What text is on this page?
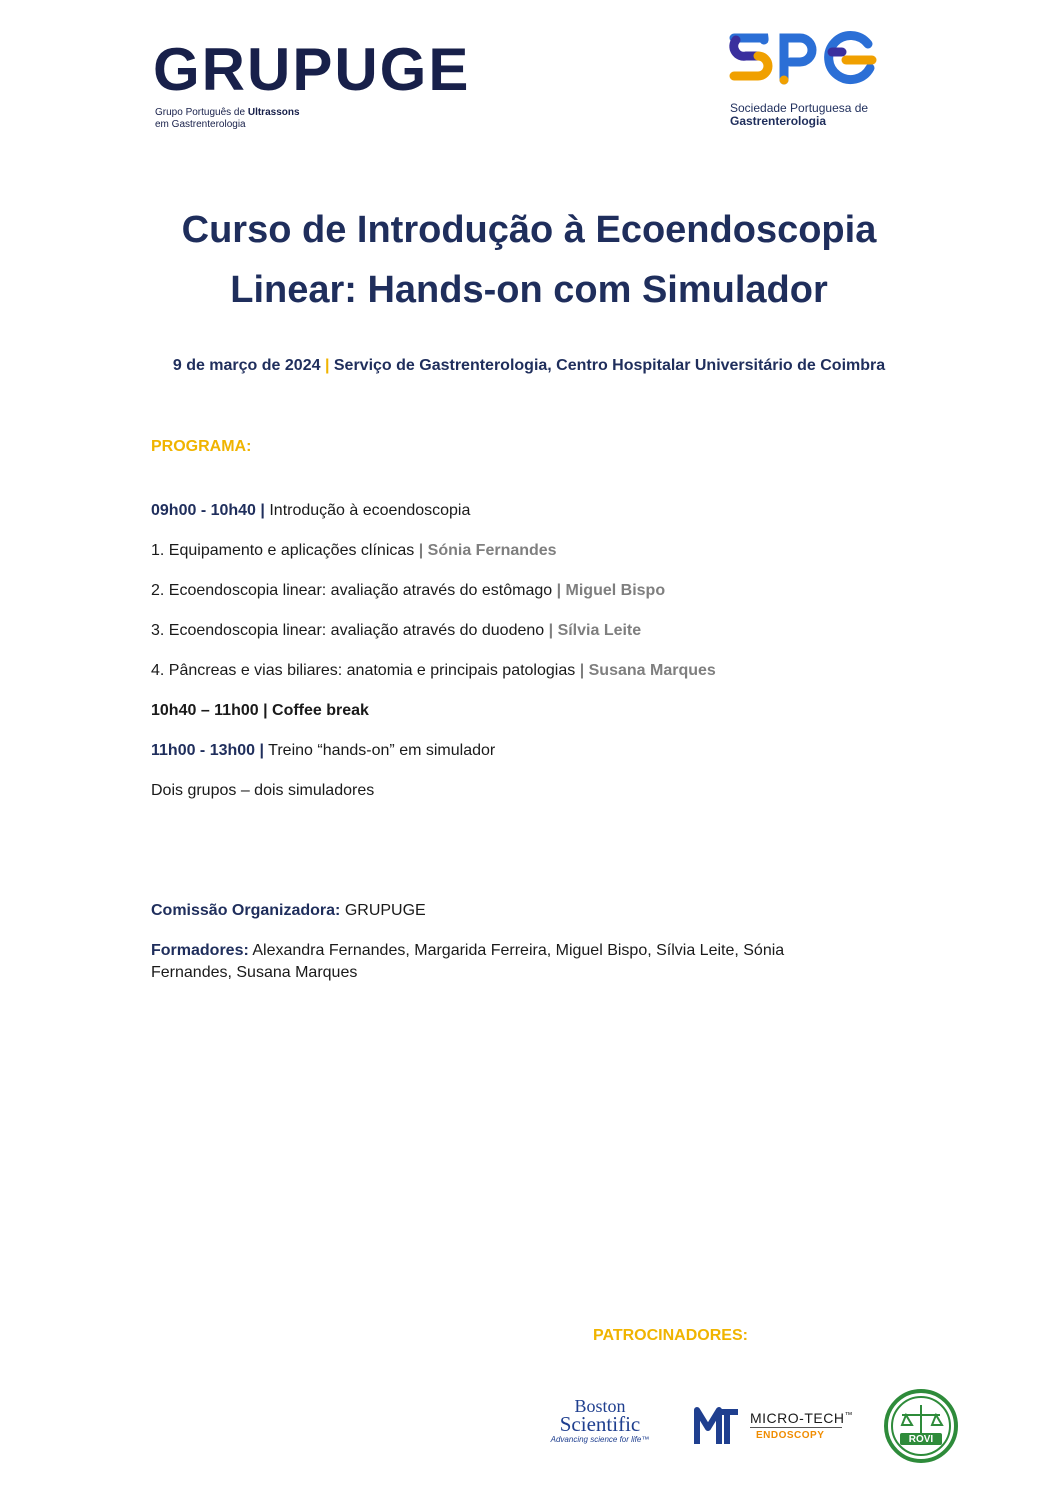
GRUPUGE
Grupo Português de Ultrassons
em Gastrenterologia
Sociedade Portuguesa de
Gastrenterologia
Curso de Introdução à Ecoendoscopia
Linear: Hands-on com Simulador
9 de março de 2024 | Serviço de Gastrenterologia, Centro Hospitalar Universitário de Coimbra
PROGRAMA:
09h00 - 10h40 | Introdução à ecoendoscopia
1. Equipamento e aplicações clínicas | Sónia Fernandes
2. Ecoendoscopia linear: avaliação através do estômago | Miguel Bispo
3. Ecoendoscopia linear: avaliação através do duodeno | Sílvia Leite
4. Pâncreas e vias biliares: anatomia e principais patologias | Susana Marques
10h40 – 11h00 | Coffee break
11h00 - 13h00 | Treino “hands-on” em simulador
Dois grupos – dois simuladores
Comissão Organizadora: GRUPUGE
Formadores: Alexandra Fernandes, Margarida Ferreira, Miguel Bispo, Sílvia Leite, Sónia
Fernandes, Susana Marques
PATROCINADORES:
Boston
Scientific
Advancing science for life™
MICRO-TECH™
ENDOSCOPY	ROVI
